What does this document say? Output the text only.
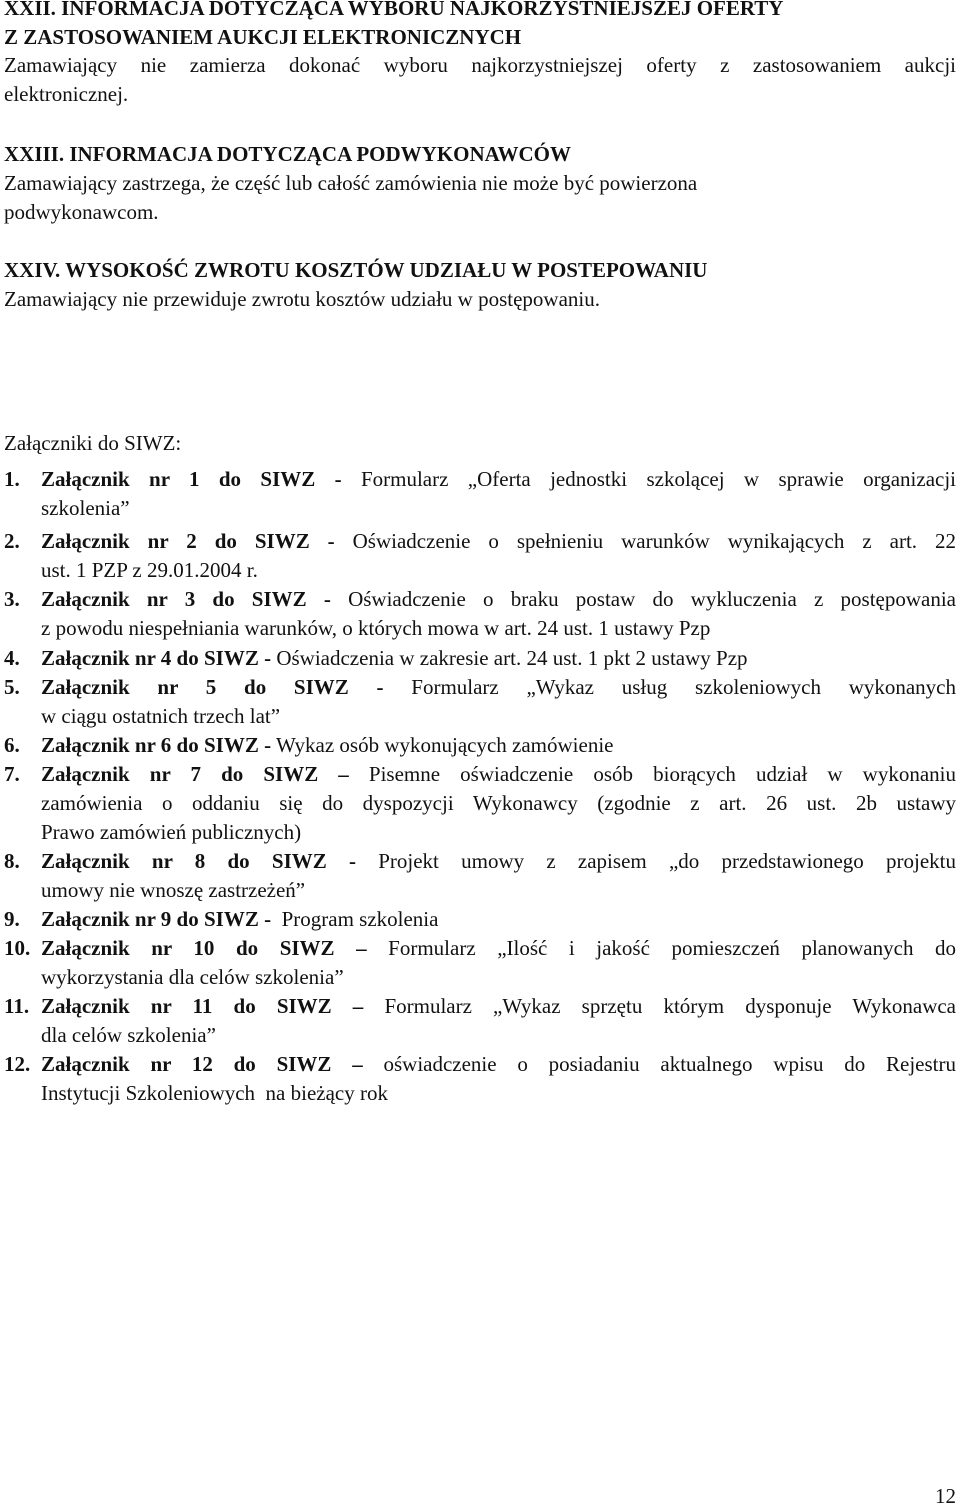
XXII. INFORMACJA DOTYCZĄCA WYBORU NAJKORZYSTNIEJSZEJ OFERTY
Z ZASTOSOWANIEM AUKCJI ELEKTRONICZNYCH
Zamawiający nie zamierza dokonać wyboru najkorzystniejszej oferty z zastosowaniem aukcji
elektronicznej.
XXIII. INFORMACJA DOTYCZĄCA PODWYKONAWCÓW
Zamawiający zastrzega, że część lub całość zamówienia nie może być powierzona
podwykonawcom.
XXIV. WYSOKOŚĆ ZWROTU KOSZTÓW UDZIAŁU W POSTEPOWANIU
Zamawiający nie przewiduje zwrotu kosztów udziału w postępowaniu.
Załączniki do SIWZ:
1. Załącznik nr 1 do SIWZ - Formularz „Oferta jednostki szkolącej w sprawie organizacji
szkolenia”
2. Załącznik nr 2 do SIWZ - Oświadczenie o spełnieniu warunków wynikających z art. 22
ust. 1 PZP z 29.01.2004 r.
3. Załącznik nr 3 do SIWZ - Oświadczenie o braku postaw do wykluczenia z postępowania
z powodu niespełniania warunków, o których mowa w art. 24 ust. 1 ustawy Pzp
4. Załącznik nr 4 do SIWZ - Oświadczenia w zakresie art. 24 ust. 1 pkt 2 ustawy Pzp
5. Załącznik nr 5 do SIWZ - Formularz „Wykaz usług szkoleniowych wykonanych
w ciągu ostatnich trzech lat”
6. Załącznik nr 6 do SIWZ - Wykaz osób wykonujących zamówienie
7. Załącznik nr 7 do SIWZ – Pisemne oświadczenie osób biorących udział w wykonaniu
zamówienia o oddaniu się do dyspozycji Wykonawcy (zgodnie z art. 26 ust. 2b ustawy
Prawo zamówień publicznych)
8. Załącznik nr 8 do SIWZ - Projekt umowy z zapisem „do przedstawionego projektu
umowy nie wnoszę zastrzeżeń”
9. Załącznik nr 9 do SIWZ -  Program szkolenia
10. Załącznik nr 10 do SIWZ – Formularz „Ilość i jakość pomieszczeń planowanych do
wykorzystania dla celów szkolenia”
11. Załącznik nr 11 do SIWZ – Formularz „Wykaz sprzętu którym dysponuje Wykonawca
dla celów szkolenia”
12. Załącznik nr 12 do SIWZ – oświadczenie o posiadaniu aktualnego wpisu do Rejestru
Instytucji Szkoleniowych  na bieżący rok
12
